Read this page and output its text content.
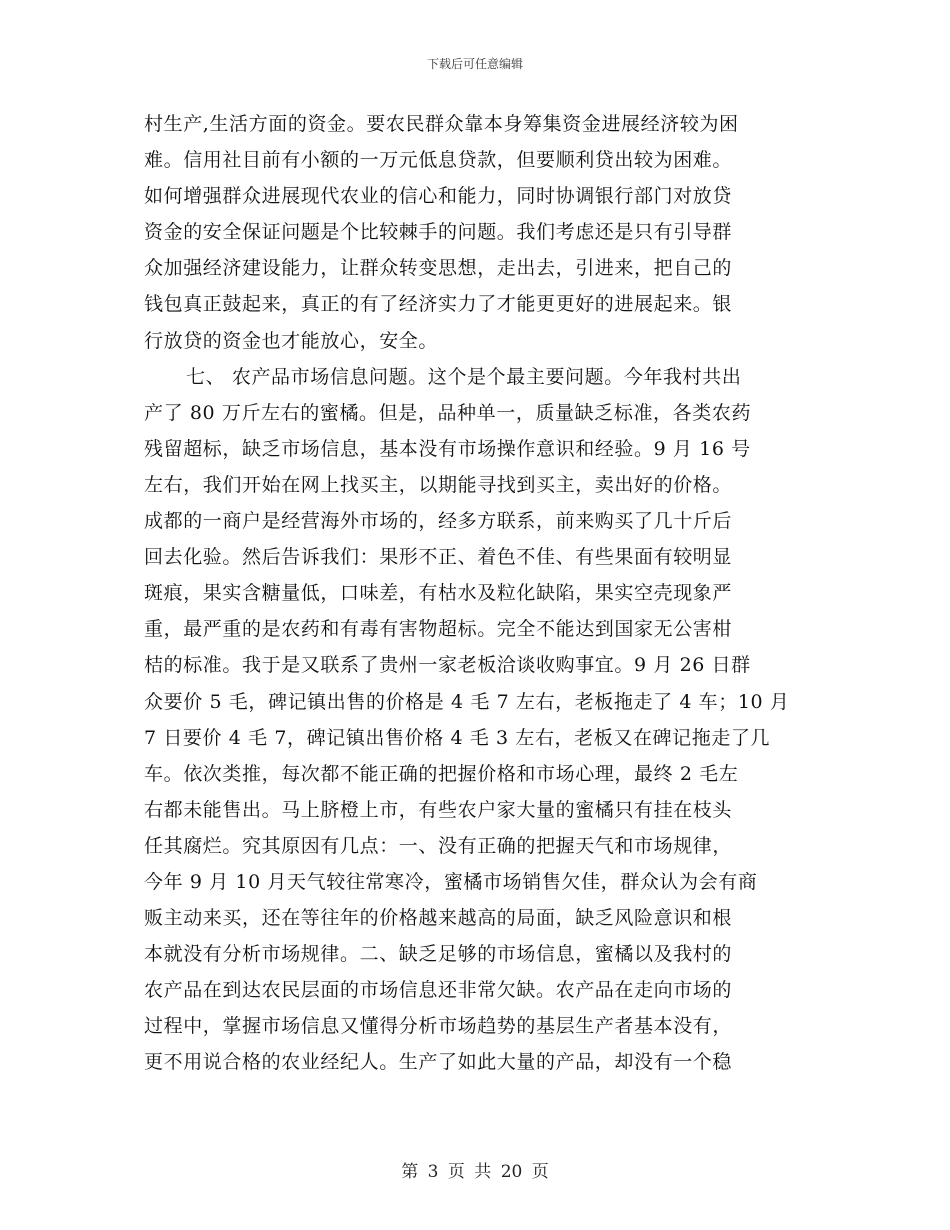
下载后可任意编辑
村生产,生活方面的资金。要农民群众靠本身筹集资金进展经济较为困
难。信用社目前有小额的一万元低息贷款，但要顺利贷出较为困难。
如何增强群众进展现代农业的信心和能力，同时协调银行部门对放贷
资金的安全保证问题是个比较棘手的问题。我们考虑还是只有引导群
众加强经济建设能力，让群众转变思想，走出去，引进来，把自己的
钱包真正鼓起来，真正的有了经济实力了才能更更好的进展起来。银
行放贷的资金也才能放心，安全。
七、 农产品市场信息问题。这个是个最主要问题。今年我村共出
产了 80 万斤左右的蜜橘。但是，品种单一，质量缺乏标准，各类农药
残留超标，缺乏市场信息，基本没有市场操作意识和经验。9 月 16 号
左右，我们开始在网上找买主，以期能寻找到买主，卖出好的价格。
成都的一商户是经营海外市场的，经多方联系，前来购买了几十斤后
回去化验。然后告诉我们：果形不正、着色不佳、有些果面有较明显
斑痕，果实含糖量低，口味差，有枯水及粒化缺陷，果实空壳现象严
重，最严重的是农药和有毒有害物超标。完全不能达到国家无公害柑
桔的标准。我于是又联系了贵州一家老板洽谈收购事宜。9 月 26 日群
众要价 5 毛，碑记镇出售的价格是 4 毛 7 左右，老板拖走了 4 车；10 月
7 日要价 4 毛 7，碑记镇出售价格 4 毛 3 左右，老板又在碑记拖走了几
车。依次类推，每次都不能正确的把握价格和市场心理，最终 2 毛左
右都未能售出。马上脐橙上市，有些农户家大量的蜜橘只有挂在枝头
任其腐烂。究其原因有几点：一、没有正确的把握天气和市场规律，
今年 9 月 10 月天气较往常寒冷，蜜橘市场销售欠佳，群众认为会有商
贩主动来买，还在等往年的价格越来越高的局面，缺乏风险意识和根
本就没有分析市场规律。二、缺乏足够的市场信息，蜜橘以及我村的
农产品在到达农民层面的市场信息还非常欠缺。农产品在走向市场的
过程中，掌握市场信息又懂得分析市场趋势的基层生产者基本没有，
更不用说合格的农业经纪人。生产了如此大量的产品，却没有一个稳
第 3 页 共 20 页
